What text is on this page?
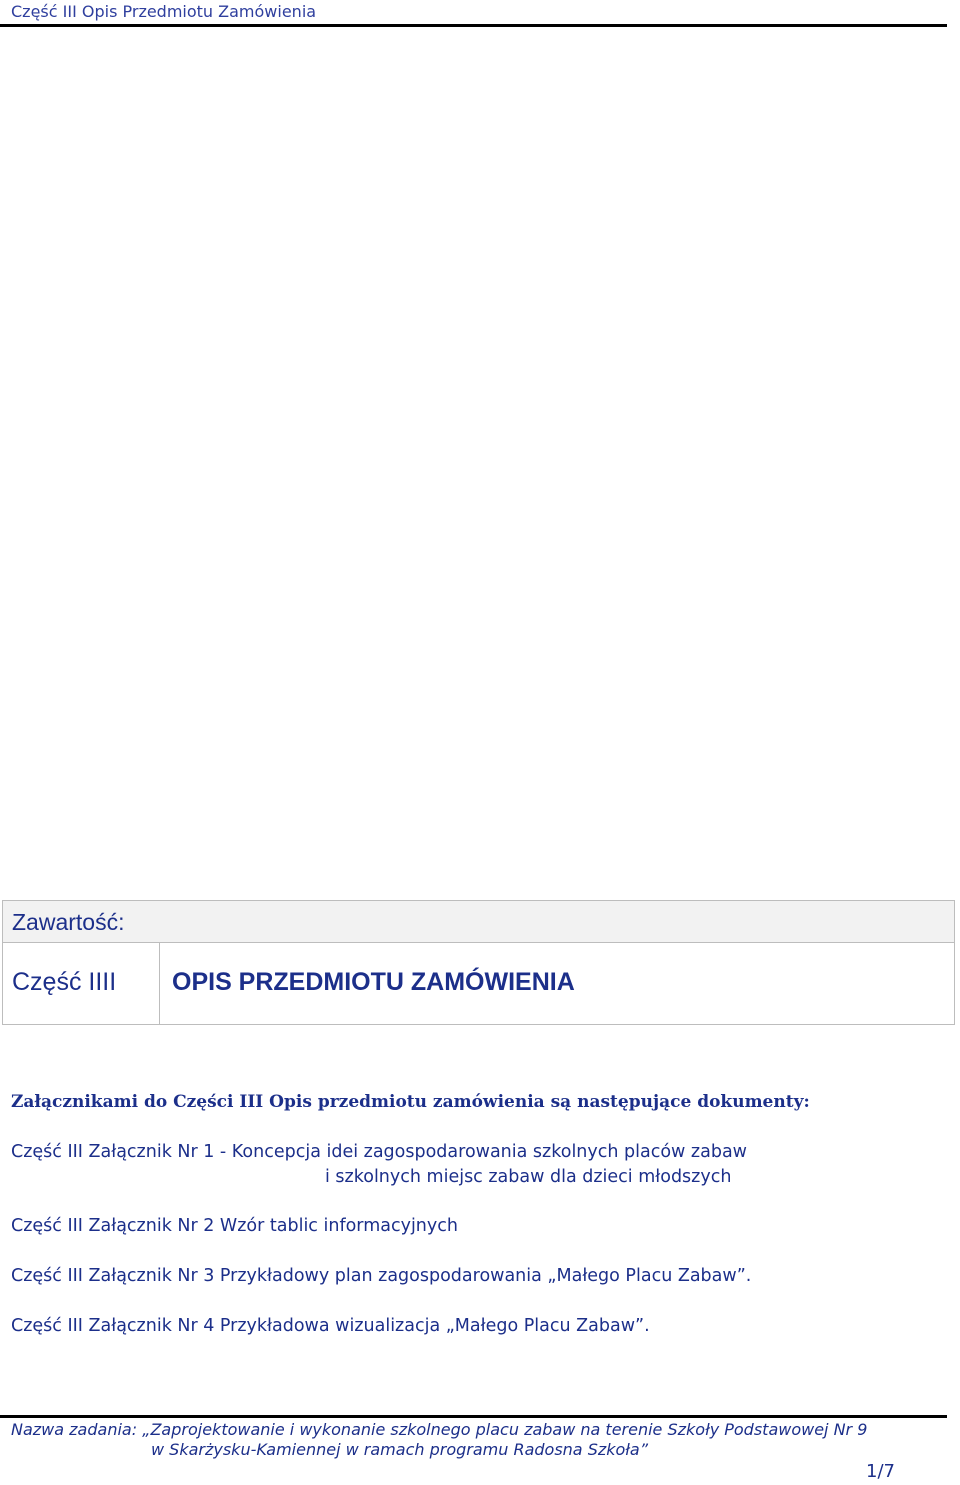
Część III Opis Przedmiotu Zamówienia
Zawartość:
Część IIII OPIS PRZEDMIOTU ZAMÓWIENIA
Załącznikami do Części III Opis przedmiotu zamówienia są następujące dokumenty:
Część III Załącznik Nr 1 - Koncepcja idei zagospodarowania szkolnych placów zabaw
i szkolnych miejsc zabaw dla dzieci młodszych
Część III Załącznik Nr 2 Wzór tablic informacyjnych
Część III Załącznik Nr 3 Przykładowy plan zagospodarowania „Małego Placu Zabaw”.
Część III Załącznik Nr 4 Przykładowa wizualizacja „Małego Placu Zabaw”.
Nazwa zadania: „Zaprojektowanie i wykonanie szkolnego placu zabaw na terenie Szkoły Podstawowej Nr 9
w Skarżysku-Kamiennej w ramach programu Radosna Szkoła”
1/7
